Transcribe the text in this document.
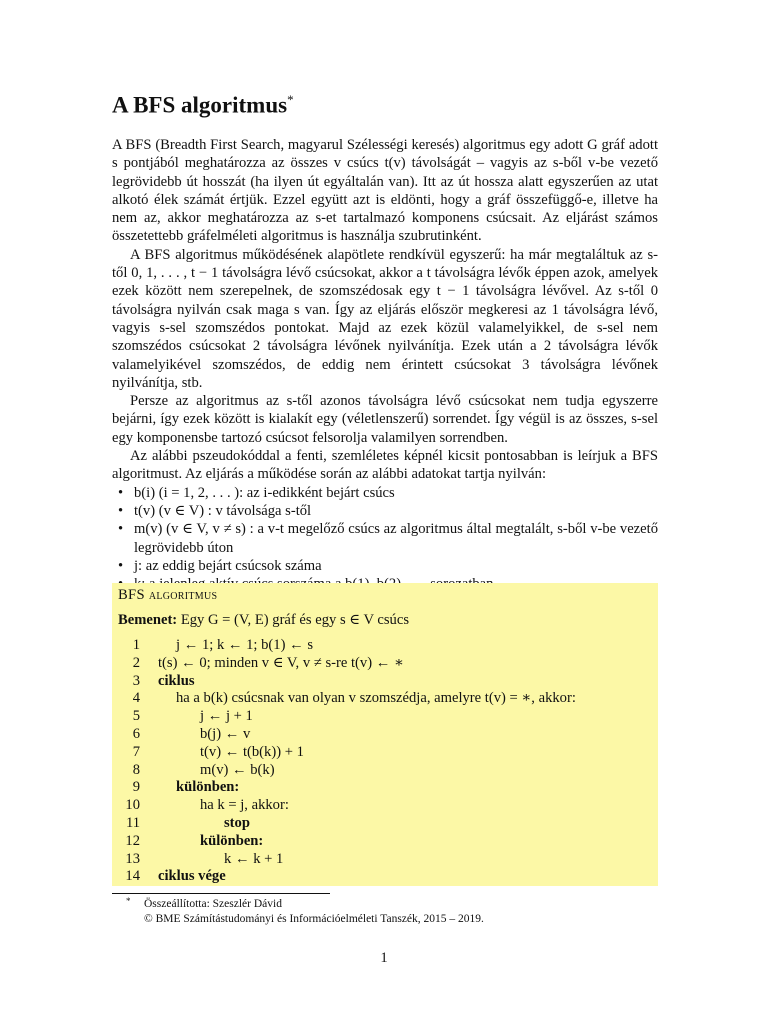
A BFS algoritmus*

A BFS (Breadth First Search, magyarul Szélességi keresés) algoritmus egy adott G gráf adott s pontjából meghatározza az összes v csúcs t(v) távolságát – vagyis az s-ből v-be vezető legrövidebb út hosszát (ha ilyen út egyáltalán van). Itt az út hossza alatt egyszerűen az utat alkotó élek számát értjük. Ezzel együtt azt is eldönti, hogy a gráf összefüggő-e, illetve ha nem az, akkor meghatározza az s-et tartalmazó komponens csúcsait. Az eljárást számos összetettebb gráfelméleti algoritmus is használja szubrutinként.

A BFS algoritmus működésének alapötlete rendkívül egyszerű: ha már megtaláltuk az s-től 0, 1, . . . , t − 1 távolságra lévő csúcsokat, akkor a t távolságra lévők éppen azok, amelyek ezek között nem szerepelnek, de szomszédosak egy t − 1 távolságra lévővel. Az s-től 0 távolságra nyilván csak maga s van. Így az eljárás először megkeresi az 1 távolságra lévő, vagyis s-sel szomszédos pontokat. Majd az ezek közül valamelyikkel, de s-sel nem szomszédos csúcsokat 2 távolságra lévőnek nyilvánítja. Ezek után a 2 távolságra lévők valamelyikével szomszédos, de eddig nem érintett csúcsokat 3 távolságra lévőnek nyilvánítja, stb.

Persze az algoritmus az s-től azonos távolságra lévő csúcsokat nem tudja egyszerre bejárni, így ezek között is kialakít egy (véletlenszerű) sorrendet. Így végül is az összes, s-sel egy komponensbe tartozó csúcsot felsorolja valamilyen sorrendben.

Az alábbi pszeudokóddal a fenti, szemléletes képnél kicsit pontosabban is leírjuk a BFS algoritmust. Az eljárás a működése során az alábbi adatokat tartja nyilván:

• b(i) (i = 1, 2, . . . ): az i-edikként bejárt csúcs
• t(v) (v ∈ V) : v távolsága s-től
• m(v) (v ∈ V, v ≠ s) : a v-t megelőző csúcs az algoritmus által megtalált, s-ből v-be vezető legrövidebb úton
• j: az eddig bejárt csúcsok száma
•
BFS algoritmus
Bemenet: Egy G = (V, E) gráf és egy s ∈ V csúcs
1 j ← 1; k ← 1; b(1) ← s
2 t(s) ← 0; minden v ∈ V, v ≠ s-re t(v) ← ∗
3 ciklus
4 ha a b(k) csúcsnak van olyan v szomszédja, amelyre t(v) = ∗, akkor:
5	j ← j + 1
6	b(j) ← v
7	t(v) ← t(b(k)) + 1
8	m(v) ← b(k)
9 különben:
10	ha k = j, akkor:
11	stop
12	különben:
13	k ← k + 1
14 ciklus vége
* Összeállította: Szeszlér Dávid
© BME Számítástudományi és Információelméleti Tanszék, 2015 – 2019.
1
